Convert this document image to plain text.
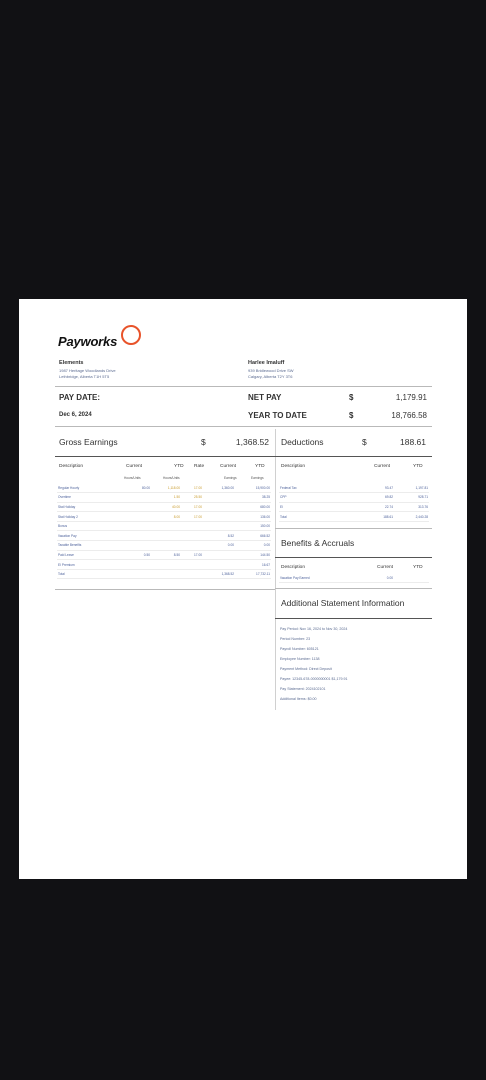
Payworks
Elements
1987 Heritage Woodlands Drive
Lethbridge, Alberta T1H 5T5
Harlee Imaluff
939 Bridlewood Drive SW
Calgary, Alberta T2Y 3T6
PAY DATE:
Dec 6, 2024
NET PAY	$	1,179.91
YEAR TO DATE	$	18,766.58
Gross Earnings	$	1,368.52 Deductions	$	188.61
Description	Current	YTD Rate	Current	YTD
Hours/Units	Hours/Units	Earnings	Earnings
Regular Hourly	80.00	1,118.00	17.00	1,360.00	15,900.00
Overtime		1.50	25.50		38.25
Stat Holiday		40.00	17.00		680.00
Stat Holiday 2		8.00	17.00		136.00
Bonus					150.00
Vacation Pay				8.52	666.52
Taxable Benefits				0.00	0.00
Paid Leave	0.50	8.50	17.00		144.50
EI Premium					16.67
Total				1,368.52	17,732.11
Description	Current	YTD
Federal Tax	93.47	1,197.81
CPP	69.82	928.71
EI	22.74	313.76
Total	188.61	2,440.28
Benefits & Accruals
Description	Current	YTD
Vacation Pay Earned	0.00	
Additional Statement Information
Pay Period: Nov 16, 2024 to Nov 30, 2024
Period Number: 23
Payroll Number: 605121
Employee Number: 1138
Payment Method: Direct Deposit
Payee: 12345-678-0000000001 $1,179.91
Pay Statement: 2024102101
Additional Items: $0.00
